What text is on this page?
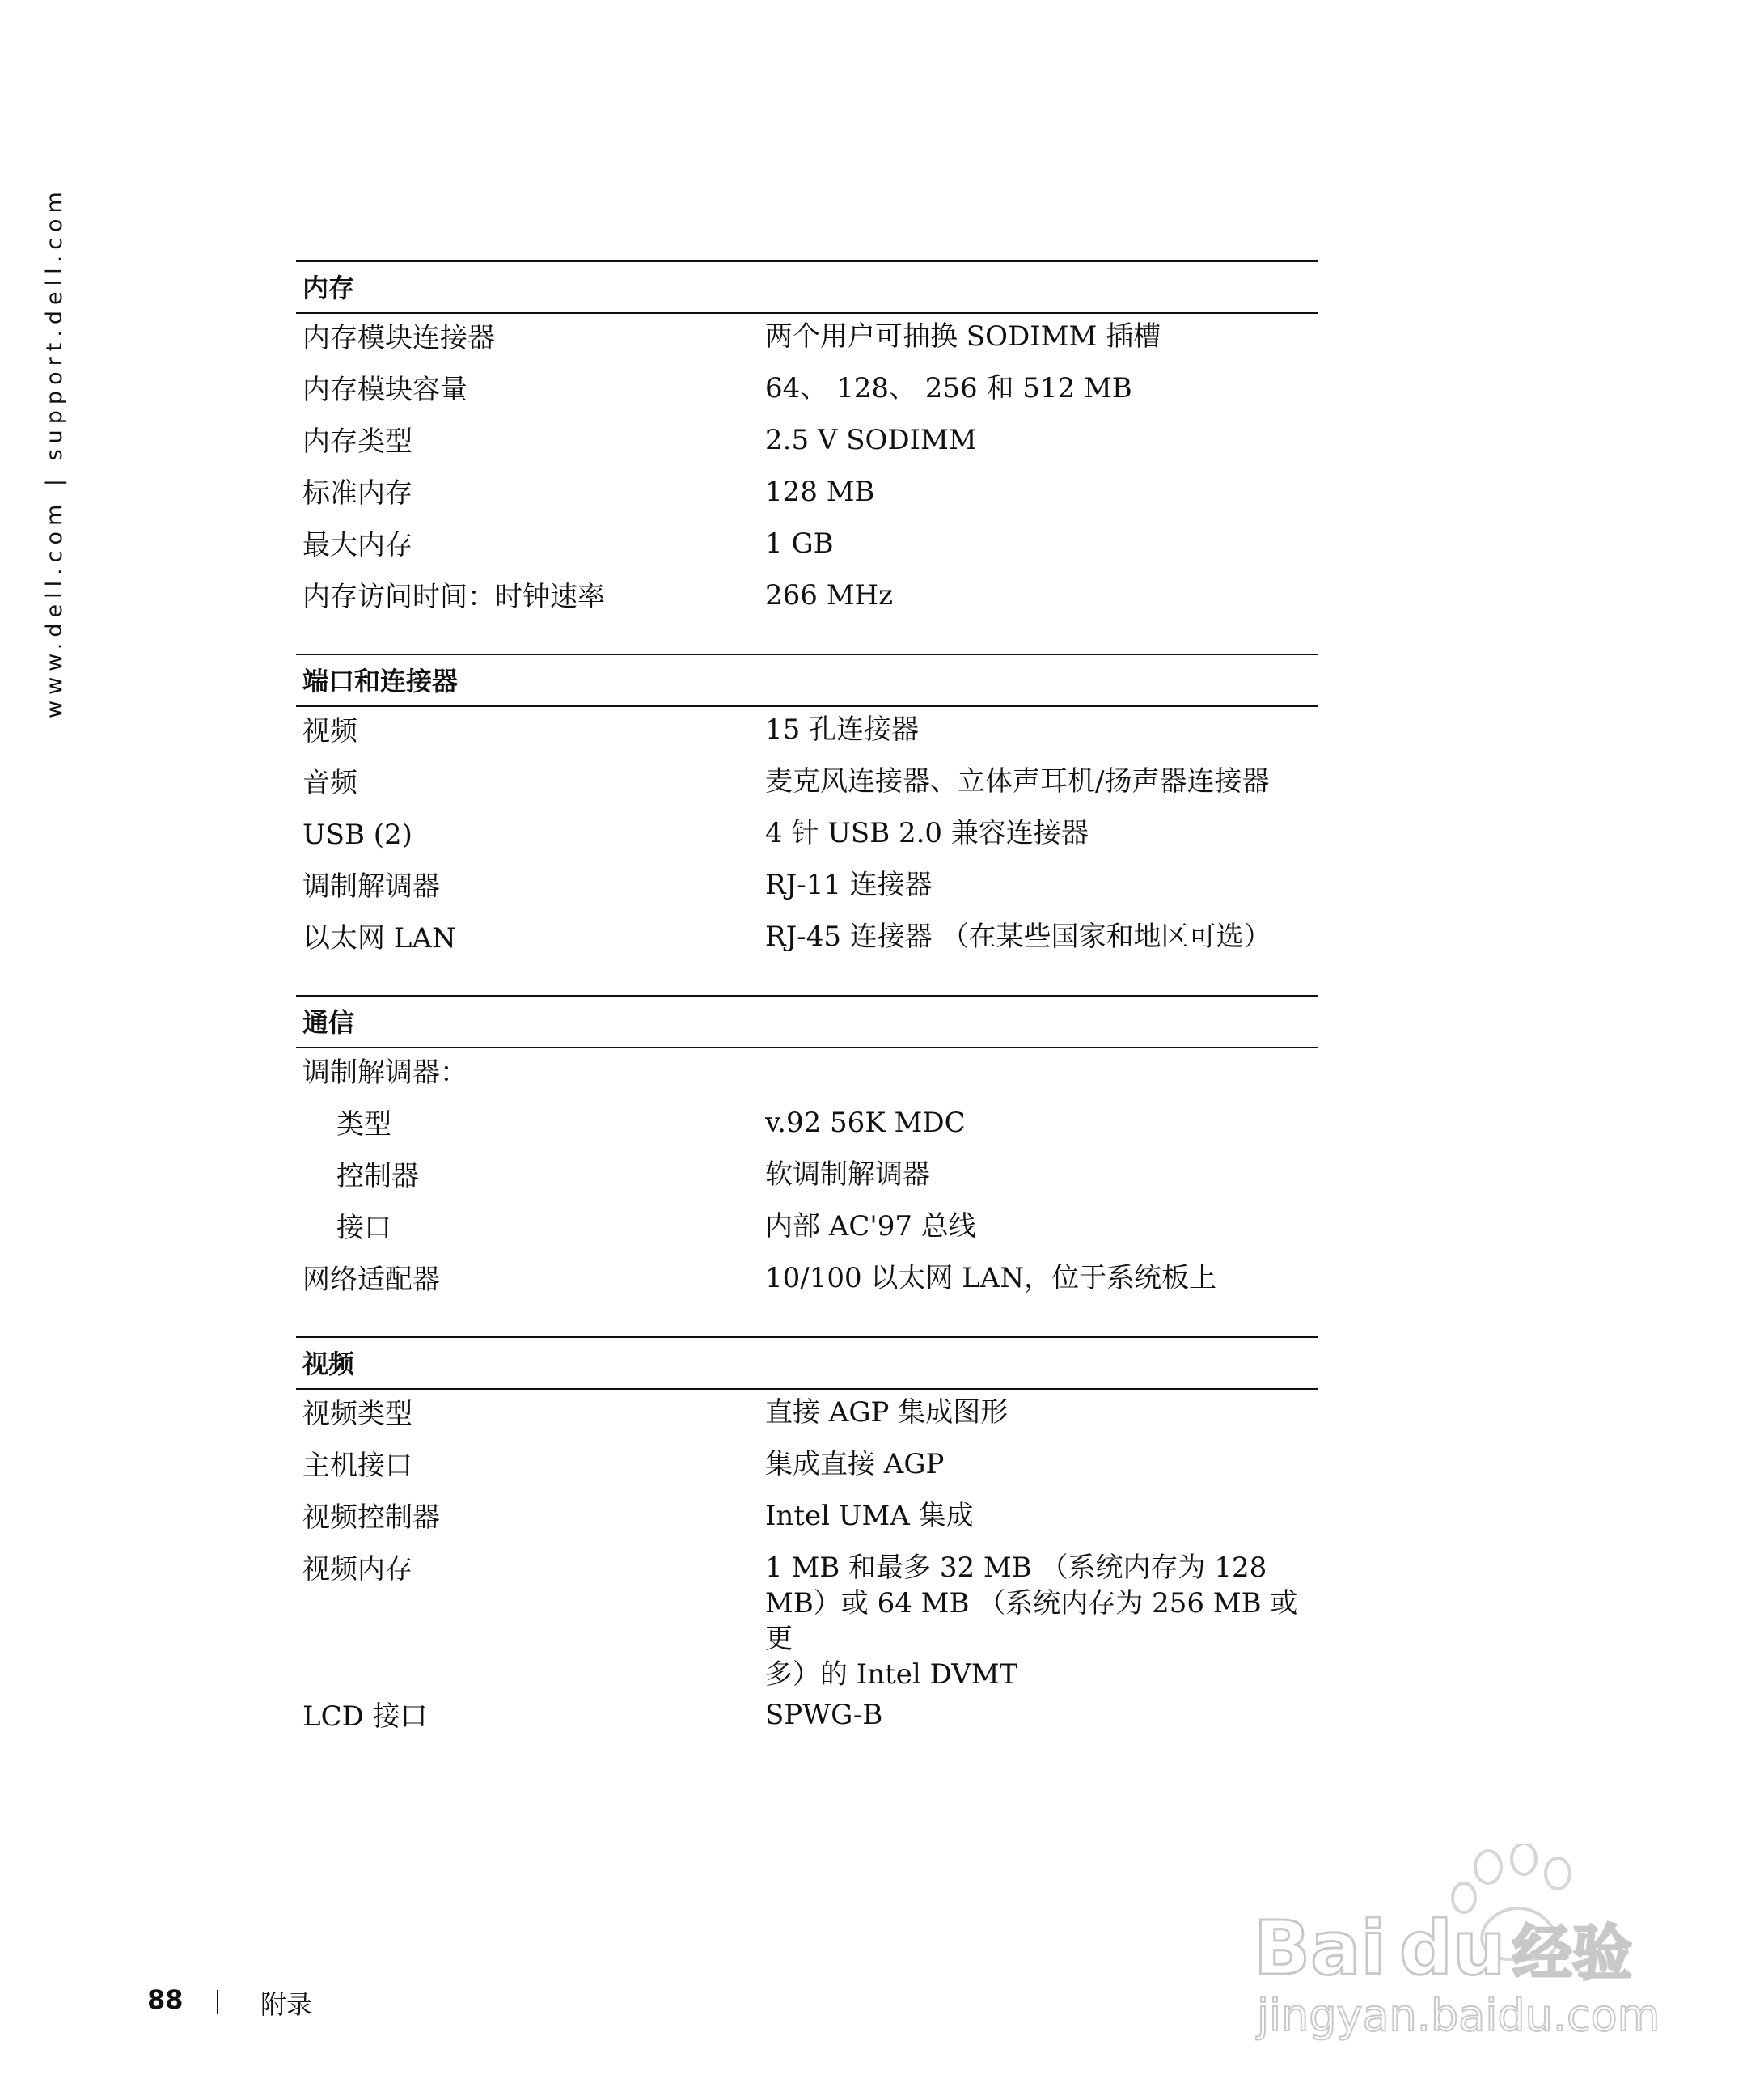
www.dell.com | support.dell.com	内存
内存模块连接器	两个用户可抽换 SODIMM 插槽
内存模块容量	64、 128、 256 和 512 MB
内存类型	2.5 V SODIMM
标准内存	128 MB
最大内存	1 GB
内存访问时间：时钟速率	266 MHz
端口和连接器
视频	15 孔连接器
音频	麦克风连接器、立体声耳机/扬声器连接器
USB (2)	4 针 USB 2.0 兼容连接器
调制解调器	RJ-11 连接器
以太网 LAN	RJ-45 连接器 （在某些国家和地区可选）
通信
调制解调器：
类型	v.92 56K MDC
控制器	软调制解调器
接口	内部 AC'97 总线
网络适配器	10/100 以太网 LAN，位于系统板上
视频
视频类型	直接 AGP 集成图形
主机接口	集成直接 AGP
视频控制器	Intel UMA 集成
视频内存	1 MB 和最多 32 MB （系统内存为 128
MB）或 64 MB （系统内存为 256 MB 或更
多）的 Intel DVMT
LCD 接口	SPWG-B
88	附录
Bai du 经验
jingyan.baidu.com
